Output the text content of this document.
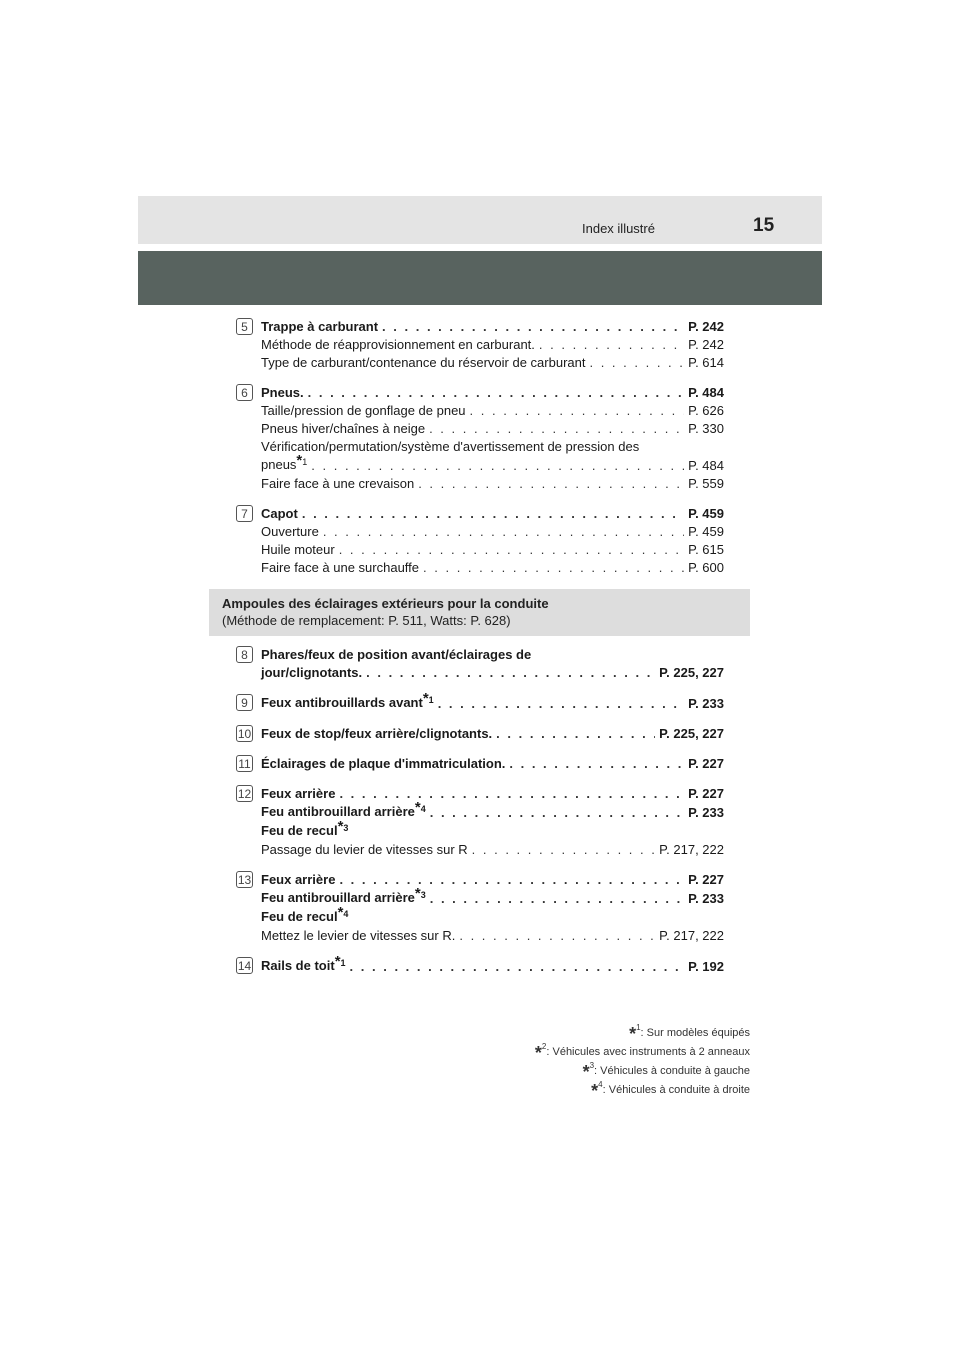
Index illustré	15
5	Trappe à carburant . . .	P. 242
Méthode de réapprovisionnement en carburant. . . .	P. 242
Type de carburant/contenance du réservoir de carburant . . .	P. 614
6	Pneus. . . .	P. 484
Taille/pression de gonflage de pneu . . .	P. 626
Pneus hiver/chaînes à neige . . .	P. 330
Vérification/permutation/système d'avertissement de pression des
pneus$^{*1}$ . . .	P. 484
Faire face à une crevaison . . .	P. 559
7	Capot . . .	P. 459
Ouverture . . .	P. 459
Huile moteur . . .	P. 615
Faire face à une surchauffe . . .	P. 600
Ampoules des éclairages extérieurs pour la conduite
(Méthode de remplacement: P. 511, Watts: P. 628)
8	Phares/feux de position avant/éclairages de
jour/clignotants. . . .	P. 225, 227
9	Feux antibrouillards avant$^{*1}$ . . .	P. 233
10 Feux de stop/feux arrière/clignotants. . . .	P. 225, 227
11 Éclairages de plaque d'immatriculation. . . .	P. 227
12 Feux arrière . . .	P. 227
Feu antibrouillard arrière$^{*4}$ . . .	P. 233
Feu de recul$^{*3}$
Passage du levier de vitesses sur R . . .	P. 217, 222
13 Feux arrière . . .	P. 227
Feu antibrouillard arrière$^{*3}$ . . .	P. 233
Feu de recul$^{*4}$
Mettez le levier de vitesses sur R. . . .	P. 217, 222
14 Rails de toit$^{*1}$ . . .	P. 192
*$^1$: Sur modèles équipés
*$^2$: Véhicules avec instruments à 2 anneaux
*$^3$: Véhicules à conduite à gauche
*$^4$: Véhicules à conduite à droite
